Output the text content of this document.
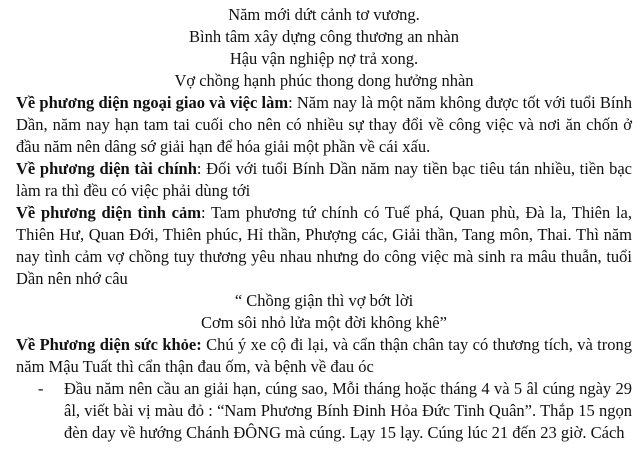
Năm mới dứt cảnh tơ vương.

Bình tâm xây dựng công thương an nhàn

Hậu vận nghiệp nợ trả xong.

Vợ chồng hạnh phúc thong dong hưởng nhàn

Về phương diện ngoại giao và việc làm: Năm nay là một năm không được tốt với tuổi Bính Dần, năm nay hạn tam tai cuối cho nên có nhiều sự thay đổi về công việc và nơi ăn chốn ở đầu năm nên dâng sớ giải hạn để hóa giải một phần về cái xấu.

Về phương diện tài chính: Đối với tuổi Bính Dần năm nay tiền bạc tiêu tán nhiều, tiền bạc làm ra thì đều có việc phải dùng tới

Về phương diện tình cảm: Tam phương tứ chính có Tuế phá, Quan phù, Đà la, Thiên la, Thiên Hư, Quan Đới, Thiên phúc, Hỉ thần, Phượng các, Giải thần, Tang môn, Thai. Thì năm nay tình cảm vợ chồng tuy thương yêu nhau nhưng do công việc mà sinh ra mâu thuẫn, tuổi Dần nên nhớ câu

“ Chồng giận thì vợ bớt lời

Cơm sôi nhỏ lửa một đời không khê”

Về Phương diện sức khỏe: Chú ý xe cộ đi lại, và cẩn thận chân tay có thương tích, và trong năm Mậu Tuất thì cẩn thận đau ốm, và bệnh về đau óc

- Đầu năm nên cầu an giải hạn, cúng sao, Mỗi tháng hoặc tháng 4 và 5 âl cúng ngày 29 âl, viết bài vị màu đỏ : “Nam Phương Bính Đinh Hỏa Đức Tinh Quân”. Thắp 15 ngọn đèn day về hướng Chánh ĐÔNG mà cúng. Lạy 15 lạy. Cúng lúc 21 đến 23 giờ. Cách
